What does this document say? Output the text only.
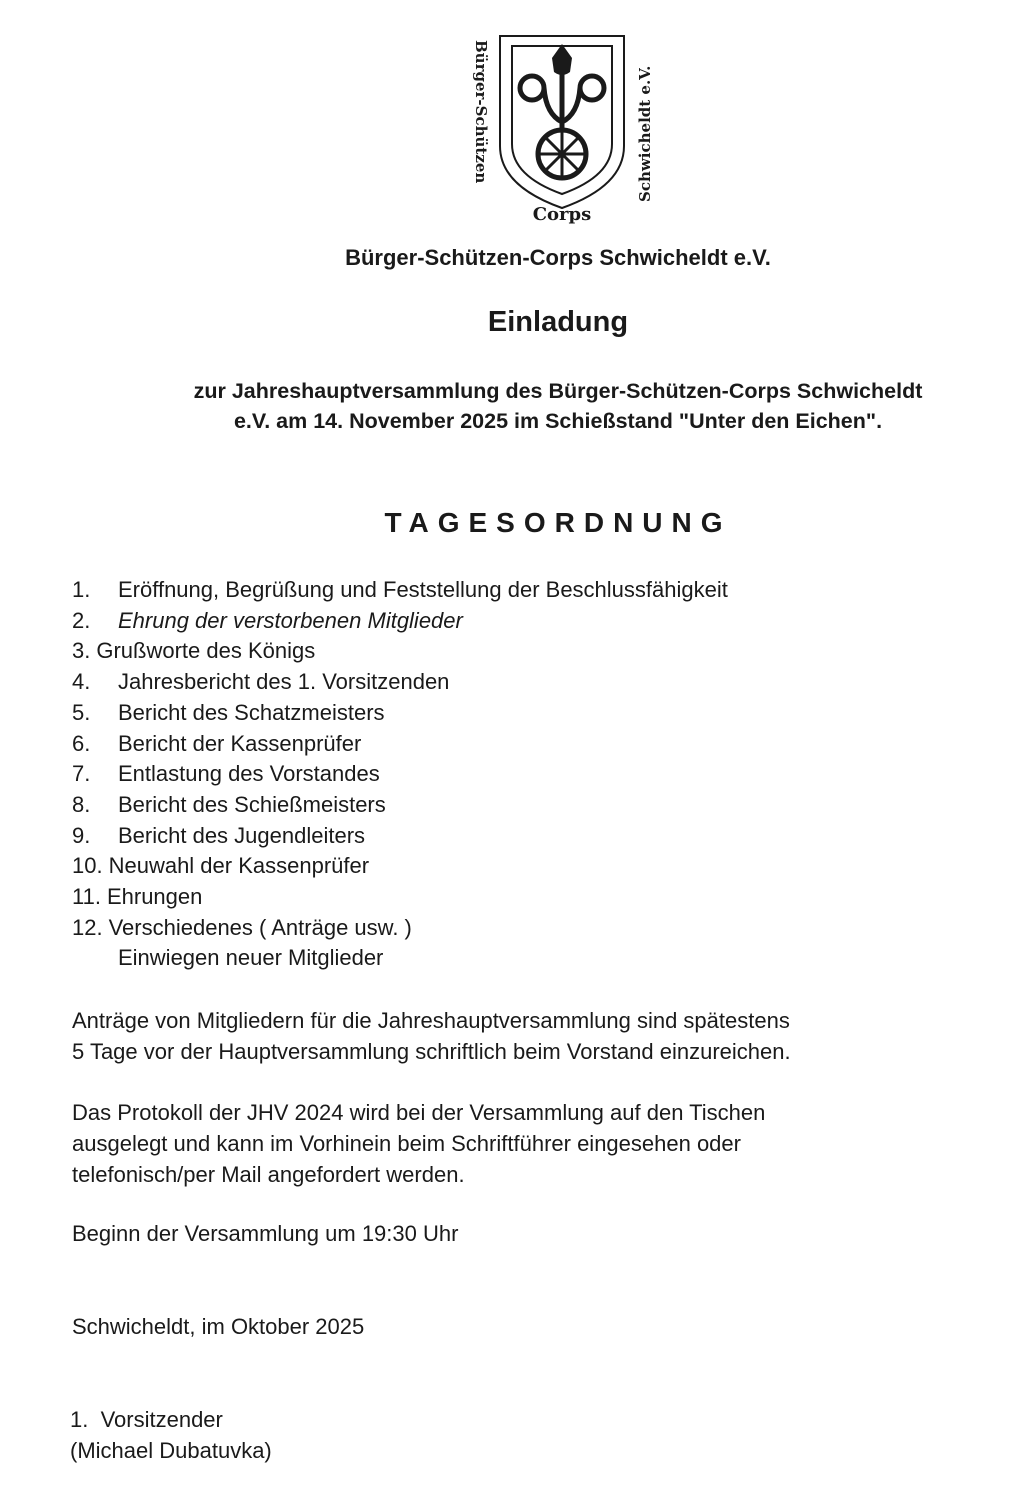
Bürger-Schützen
Corps
Schwicheldt e.V.
Bürger-Schützen-Corps Schwicheldt e.V.
Einladung
zur Jahreshauptversammlung des Bürger-Schützen-Corps Schwicheldt
e.V. am 14. November 2025 im Schießstand "Unter den Eichen".
TAGESORDNUNG
1. Eröffnung, Begrüßung und Feststellung der Beschlussfähigkeit
2. Ehrung der verstorbenen Mitglieder
3. Grußworte des Königs
4. Jahresbericht des 1. Vorsitzenden
5. Bericht des Schatzmeisters
6. Bericht der Kassenprüfer
7. Entlastung des Vorstandes
8. Bericht des Schießmeisters
9. Bericht des Jugendleiters
10. Neuwahl der Kassenprüfer
11. Ehrungen
12. Verschiedenes ( Anträge usw. )
Einwiegen neuer Mitglieder
Anträge von Mitgliedern für die Jahreshauptversammlung sind spätestens
5 Tage vor der Hauptversammlung schriftlich beim Vorstand einzureichen.
Das Protokoll der JHV 2024 wird bei der Versammlung auf den Tischen
ausgelegt und kann im Vorhinein beim Schriftführer eingesehen oder
telefonisch/per Mail angefordert werden.
Beginn der Versammlung um 19:30 Uhr
Schwicheldt, im Oktober 2025
1.  Vorsitzender
(Michael Dubatuvka)
